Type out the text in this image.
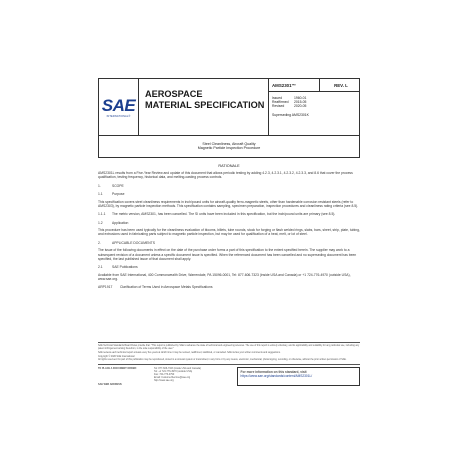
SAE
INTERNATIONAL®
AEROSPACE
MATERIAL SPECIFICATION
AMS2301™	REV. L
Issued	1960-01
Reaffirmed	2015-05
Revised	2020-05
Superseding AMS2301K
Steel Cleanliness, Aircraft Quality
Magnetic Particle Inspection Procedure
RATIONALE

AMS2301L results from a Five-Year Review and update of this document that allows periodic testing by adding 4.2.3, 4.2.3.1, 4.2.3.2, 4.2.3.3, and 8.6 that cover the process qualification, testing frequency, historical data, and melting-casting process controls.

1.	SCOPE
1.1	Purpose

This specification covers steel cleanliness requirements in inch/pound units for aircraft-quality ferro-magnetic steels, other than hardenable corrosion resistant steels (refer to AMS2303), by magnetic particle inspection methods. This specification contains sampling, specimen preparation, inspection procedures and cleanliness rating criteria (see 8.5).

1.1.1	The metric version, AMS2301, has been cancelled. The SI units have been included in this specification, but the inch/pound units are primary (see 8.5).
1.2	Application

This procedure has been used typically for the cleanliness evaluation of blooms, billets, tube rounds, stock for forging or flash welded rings, slabs, bars, sheet, strip, plate, tubing, and extrusions used in fabricating parts subject to magnetic particle inspection, but may be used for qualification of a heat, melt, or lot of steel.

2.	APPLICABLE DOCUMENTS

The issue of the following documents in effect on the date of the purchase order forms a part of this specification to the extent specified herein. The supplier may work to a subsequent revision of a document unless a specific document issue is specified. When the referenced document has been cancelled and no superseding document has been specified, the last published issue of that document shall apply.

2.1	SAE Publications

Available from SAE International, 400 Commonwealth Drive, Warrendale, PA 15096-0001, Tel: 877-606-7323 (inside USA and Canada) or +1 724-776-4970 (outside USA), www.sae.org.

ARP1917	Clarification of Terms Used in Aerospace Metals Specifications

SAE Technical Standards Board Rules provide that: "This report is published by SAE to advance the state of technical and engineering sciences. The use of this report is entirely voluntary, and its applicability and suitability for any particular use, including any patent infringement arising therefrom, is the sole responsibility of the user."

SAE reviews each technical report at least every five years at which time it may be revised, reaffirmed, stabilized, or cancelled. SAE invites your written comments and suggestions.

Copyright © 2020 SAE International

All rights reserved. No part of this publication may be reproduced, stored in a retrieval system or transmitted, in any form or by any means, electronic, mechanical, photocopying, recording, or otherwise, without the prior written permission of SAE.

TO PLACE A DOCUMENT ORDER:	Tel: 877-606-7323 (inside USA and Canada)
Tel: +1 724-776-4970 (outside USA)
Fax: 724-776-0790
Email: CustomerService@sae.org
http://www.sae.org
SAE WEB ADDRESS:
For more information on this standard, visit
https://www.sae.org/standards/content/AMS2301L/
